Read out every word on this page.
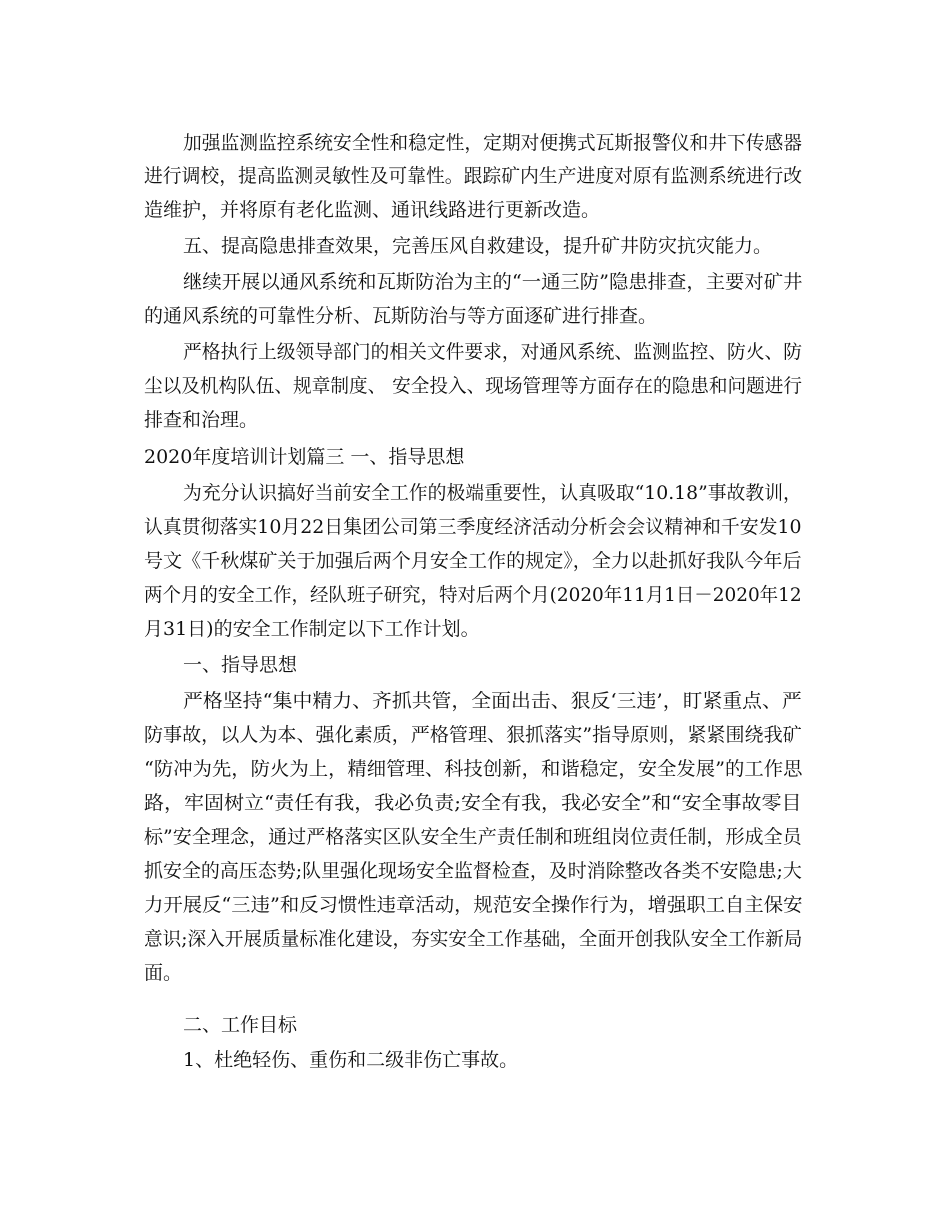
加强监测监控系统安全性和稳定性，定期对便携式瓦斯报警仪和井下传感器
进行调校，提高监测灵敏性及可靠性。跟踪矿内生产进度对原有监测系统进行改
造维护，并将原有老化监测、通讯线路进行更新改造。
五、提高隐患排查效果，完善压风自救建设，提升矿井防灾抗灾能力。
继续开展以通风系统和瓦斯防治为主的“一通三防”隐患排查，主要对矿井
的通风系统的可靠性分析、瓦斯防治与等方面逐矿进行排查。
严格执行上级领导部门的相关文件要求，对通风系统、监测监控、防火、防
尘以及机构队伍、规章制度、 安全投入、现场管理等方面存在的隐患和问题进行
排查和治理。
2020年度培训计划篇三 一、指导思想
为充分认识搞好当前安全工作的极端重要性，认真吸取“10.18”事故教训，
认真贯彻落实10月22日集团公司第三季度经济活动分析会会议精神和千安发10
号文《千秋煤矿关于加强后两个月安全工作的规定》，全力以赴抓好我队今年后
两个月的安全工作，经队班子研究，特对后两个月(2020年11月1日－2020年12
月31日)的安全工作制定以下工作计划。
一、指导思想
严格坚持“集中精力、齐抓共管，全面出击、狠反‘三违’，盯紧重点、严
防事故，以人为本、强化素质，严格管理、狠抓落实”指导原则，紧紧围绕我矿
“防冲为先，防火为上，精细管理、科技创新，和谐稳定，安全发展”的工作思
路，牢固树立“责任有我，我必负责;安全有我，我必安全”和“安全事故零目
标”安全理念，通过严格落实区队安全生产责任制和班组岗位责任制，形成全员
抓安全的高压态势;队里强化现场安全监督检查，及时消除整改各类不安隐患;大
力开展反“三违”和反习惯性违章活动，规范安全操作行为，增强职工自主保安
意识;深入开展质量标准化建设，夯实安全工作基础，全面开创我队安全工作新局
面。
二、工作目标
1、杜绝轻伤、重伤和二级非伤亡事故。
